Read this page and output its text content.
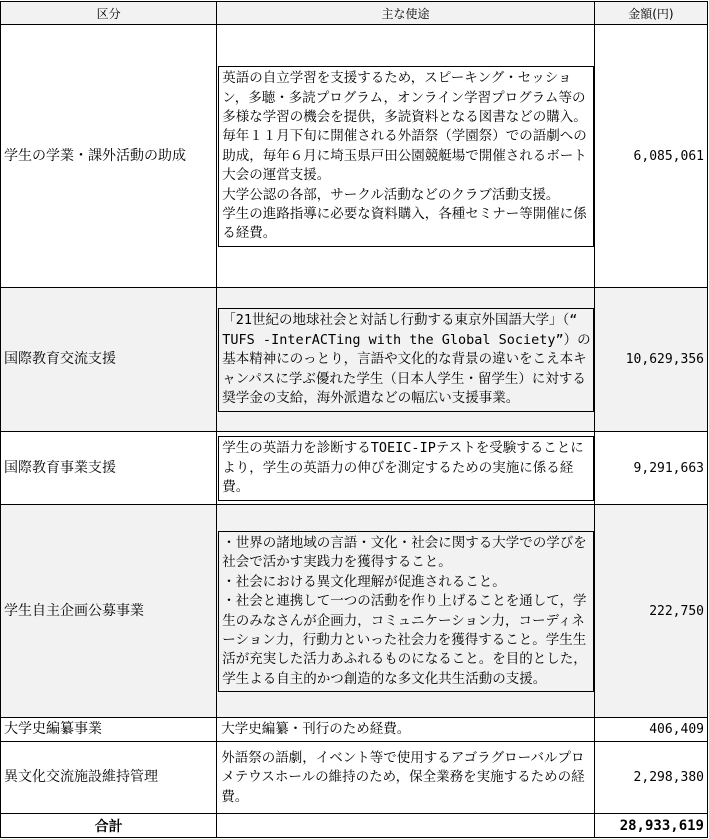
区分	主な使途	金額(円)
学生の学業・課外活動の助成	英語の自立学習を支援するため，スピーキング・セッション，多聴・多読プログラム，オンライン学習プログラム等の多様な学習の機会を提供，多読資料となる図書などの購入。
毎年１１月下旬に開催される外語祭（学園祭）での語劇への助成，毎年６月に埼玉県戸田公園競艇場で開催されるボート大会の運営支援。
大学公認の各部，サークル活動などのクラブ活動支援。
学生の進路指導に必要な資料購入，各種セミナー等開催に係る経費。	6,085,061
国際教育交流支援	「21世紀の地球社会と対話し行動する東京外国語大学」（“ TUFS -InterACTing with the Global Society”）の基本精神にのっとり，言語や文化的な背景の違いをこえ本キャンパスに学ぶ優れた学生（日本人学生・留学生）に対する奨学金の支給，海外派遣などの幅広い支援事業。	10,629,356
国際教育事業支援	学生の英語力を診断するTOEIC-IPテストを受験することにより，学生の英語力の伸びを測定するための実施に係る経費。	9,291,663
学生自主企画公募事業	・世界の諸地域の言語・文化・社会に関する大学での学びを社会で活かす実践力を獲得すること。
・社会における異文化理解が促進されること。
・社会と連携して一つの活動を作り上げることを通して，学生のみなさんが企画力，コミュニケーション力，コーディネーション力，行動力といった社会力を獲得すること。学生生活が充実した活力あふれるものになること。を目的とした，学生よる自主的かつ創造的な多文化共生活動の支援。	222,750
大学史編纂事業	大学史編纂・刊行のため経費。	406,409
異文化交流施設維持管理	外語祭の語劇，イベント等で使用するアゴラグローバルプロメテウスホールの維持のため，保全業務を実施するための経費。	2,298,380
合計		28,933,619
